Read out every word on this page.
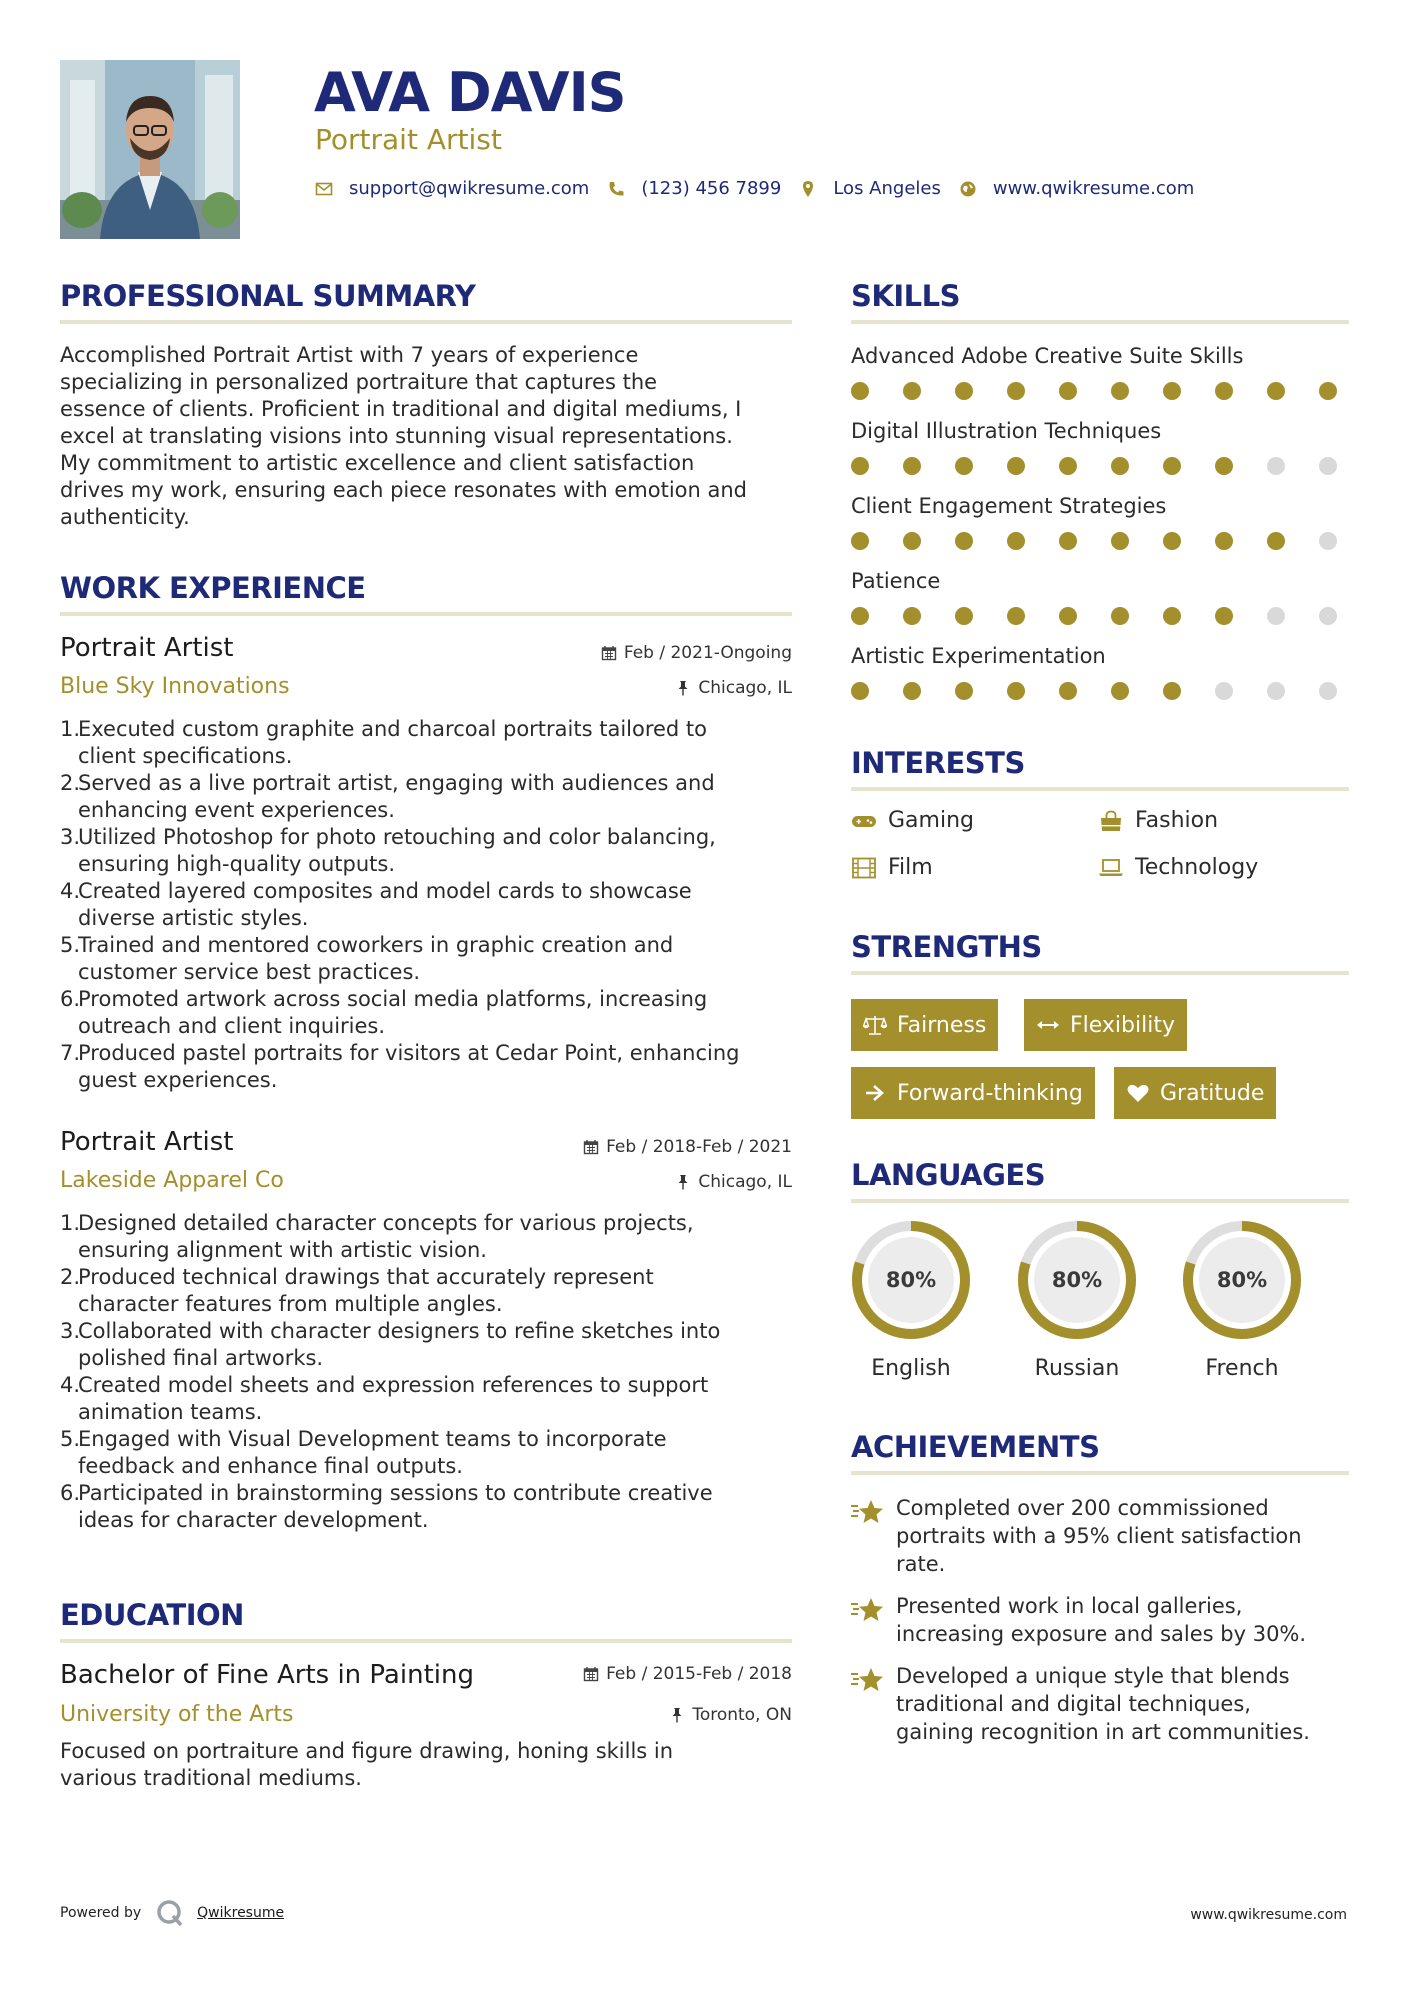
AVA DAVIS
Portrait Artist
support@qwikresume.com	(123) 456 7899	Los Angeles	www.qwikresume.com
PROFESSIONAL SUMMARY
Accomplished Portrait Artist with 7 years of experience
specializing in personalized portraiture that captures the
essence of clients. Proficient in traditional and digital mediums, I
excel at translating visions into stunning visual representations.
My commitment to artistic excellence and client satisfaction
drives my work, ensuring each piece resonates with emotion and
authenticity.
WORK EXPERIENCE
Portrait Artist	Feb / 2021-Ongoing
Blue Sky Innovations	Chicago, IL
1.
Executed custom graphite and charcoal portraits tailored to
client specifications.
2.
Served as a live portrait artist, engaging with audiences and
enhancing event experiences.
3.
Utilized Photoshop for photo retouching and color balancing,
ensuring high-quality outputs.
4.
Created layered composites and model cards to showcase
diverse artistic styles.
5.
Trained and mentored coworkers in graphic creation and
customer service best practices.
6.
Promoted artwork across social media platforms, increasing
outreach and client inquiries.
7.
Produced pastel portraits for visitors at Cedar Point, enhancing
guest experiences.
Portrait Artist	Feb / 2018-Feb / 2021
Lakeside Apparel Co	Chicago, IL
1.
Designed detailed character concepts for various projects,
ensuring alignment with artistic vision.
2.
Produced technical drawings that accurately represent
character features from multiple angles.
3.
Collaborated with character designers to refine sketches into
polished final artworks.
4.
Created model sheets and expression references to support
animation teams.
5.
Engaged with Visual Development teams to incorporate
feedback and enhance final outputs.
6.
Participated in brainstorming sessions to contribute creative
ideas for character development.
EDUCATION
Bachelor of Fine Arts in Painting	Feb / 2015-Feb / 2018
University of the Arts	Toronto, ON
Focused on portraiture and figure drawing, honing skills in
various traditional mediums.
SKILLS
Advanced Adobe Creative Suite Skills
Digital Illustration Techniques
Client Engagement Strategies
Patience
Artistic Experimentation
INTERESTS
Gaming	Fashion
Film	Technology
STRENGTHS
Fairness	Flexibility
Forward-thinking	Gratitude
LANGUAGES
80%
English
80%
Russian
80%
French
ACHIEVEMENTS
Completed over 200 commissioned
portraits with a 95% client satisfaction
rate.
Presented work in local galleries,
increasing exposure and sales by 30%.
Developed a unique style that blends
traditional and digital techniques,
gaining recognition in art communities.
Powered by	Qwikresume	www.qwikresume.com
